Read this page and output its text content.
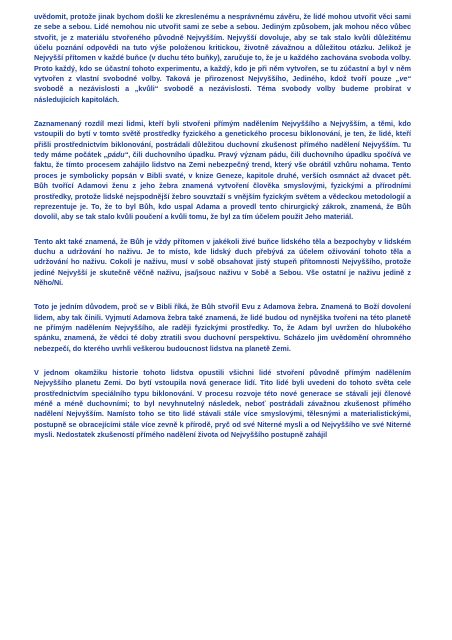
uvědomit, protože jinak bychom došli ke zkreslenému a nesprávnému závěru, že lidé mohou utvořit věci sami ze sebe a sebou. Lidé nemohou nic utvořit sami ze sebe a sebou. Jediným způsobem, jak mohou něco vůbec stvořit, je z materiálu stvořeného původně Nejvyšším. Nejvyšší dovoluje, aby se tak stalo kvůli důležitému účelu poznání odpovědi na tuto výše položenou kritickou, životně závažnou a důležitou otázku. Jelikož je Nejvyšší přítomen v každé buňce (v duchu této buňky), zaručuje to, že je u každého zachována svoboda volby. Proto každý, kdo se účastní tohoto experimentu, a každý, kdo je při něm vytvořen, se tu zúčastní a byl v něm vytvořen z vlastní svobodné volby. Taková je přirozenost Nejvyššího, Jediného, kdož tvoří pouze „ve“ svobodě a nezávislosti a „kvůli“ svobodě a nezávislosti. Téma svobody volby budeme probírat v následujících kapitolách.

Zaznamenaný rozdíl mezi lidmi, kteří byli stvořeni přímým nadělením Nejvyššího a Nejvyšším, a těmi, kdo vstoupili do bytí v tomto světě prostředky fyzického a genetického procesu biklonování, je ten, že lidé, kteří přišli prostřednictvím biklonování, postrádali důležitou duchovní zkušenost přímého nadělení Nejvyšším. Tu tedy máme počátek „pádu“, čili duchovního úpadku. Pravý význam pádu, čili duchovního úpadku spočívá ve faktu, že tímto procesem zahájilo lidstvo na Zemi nebezpečný trend, který vše obrátil vzhůru nohama. Tento proces je symbolicky popsán v Bibli svaté, v knize Geneze, kapitole druhé, verších osmnáct až dvacet pět. Bůh tvořící Adamovi ženu z jeho žebra znamená vytvoření člověka smyslovými, fyzickými a přírodními prostředky, protože lidské nejspodnější žebro souvztaží s vnějším fyzickým světem a vědeckou metodologií a reprezentuje je. To, že to byl Bůh, kdo uspal Adama a provedl tento chirurgický zákrok, znamená, že Bůh dovolil, aby se tak stalo kvůli poučení a kvůli tomu, že byl za tím účelem použit Jeho materiál.

Tento akt také znamená, že Bůh je vždy přítomen v jakékoli živé buňce lidského těla a bezpochyby v lidském duchu a udržování ho naživu. Je to místo, kde lidský duch přebývá za účelem oživování tohoto těla a udržování ho naživu. Cokoli je naživu, musí v sobě obsahovat jistý stupeň přítomnosti Nejvyššího, protože jediné Nejvyšší je skutečně věčně naživu, jsa/jsouc naživu v Sobě a Sebou. Vše ostatní je naživu jedině z Něho/Ní.

Toto je jedním důvodem, proč se v Bibli říká, že Bůh stvořil Evu z Adamova žebra. Znamená to Boží dovolení lidem, aby tak činili. Vyjmutí Adamova žebra také znamená, že lidé budou od nynějška tvořeni na této planetě ne přímým nadělením Nejvyššího, ale raději fyzickými prostředky. To, že Adam byl uvržen do hlubokého spánku, znamená, že vědci té doby ztratili svou duchovní perspektivu. Scházelo jim uvědomění ohromného nebezpečí, do kterého uvrhli veškerou budoucnost lidstva na planetě Zemi.

V jednom okamžiku historie tohoto lidstva opustili všichni lidé stvoření původně přímým nadělením Nejvyššího planetu Zemi. Do bytí vstoupila nová generace lidí. Tito lidé byli uvedeni do tohoto světa cele prostřednictvím speciálního typu biklonování. V procesu rozvoje této nové generace se stávali její členové méně a méně duchovními; to byl nevyhnutelný následek, neboť postrádali závažnou zkušenost přímého nadělení Nejvyšším. Namísto toho se tito lidé stávali stále více smyslovými, tělesnými a materialistickými, postupně se obracejícími stále více zevně k přírodě, pryč od své Niterné mysli a od Nejvyššího ve své Niterné mysli. Nedostatek zkušeností přímého nadělení života od Nejvyššího postupně zahájil
